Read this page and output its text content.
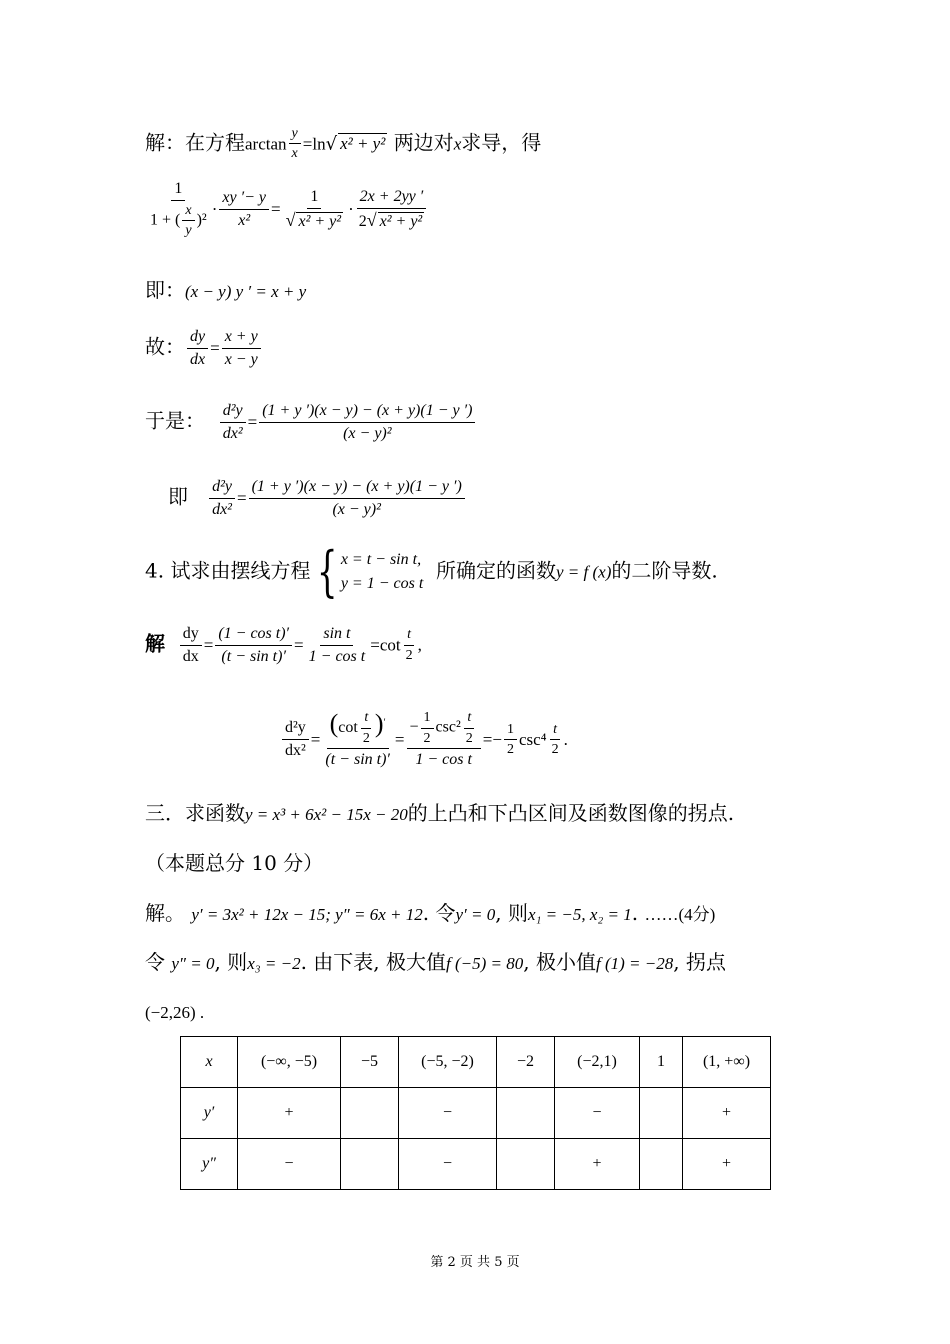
解：在方程$\arctan \frac{y}{x} =\ln√$ x² + y² 两边对x求导，得
$\frac{1}{1 + ( \frac{x}{y} )^2} \cdot \frac{xy '- y}{\text{x²}} = \frac{1}{\text{√ x² + y²}} \cdot \frac{2x + 2yy '}{\text{2√ x² + y²}}$
即：(x − y) y ′ = x + y
故： $\frac{dy}{dx} = \frac{x + y}{x - y}$
于是： $\frac{\text{d²y}}{\text{dx²}} = \frac{(1 + y ')(x - y) - (x + y)(1 - y ')}{\text{(x − y)²}}$
即 $\frac{\text{d²y}}{\text{dx²}} = \frac{(1 + y ')(x - y) - (x + y)(1 - y ')}{\text{(x − y)²}}$
4. 试求由摆线方程 { x = t − sin t,
y = 1 − cos t
所确定的函数y = f (x)的二阶导数.
解 $\frac{dy}{dx} = \frac{\text{(1 − cos t)′}}{\text{(t − sin t)′}} = \frac{\text{sin t}}{\text{1 − cos t}} =\cot \frac{t}{2}$ ,
$\frac{\text{d²y}}{\text{dx²}} = \frac{(\cot \frac{t}{2} )'}{\text{(t − sin t)′}} = \frac{- \frac{1}{2} \csc^2 \frac{t}{2}}{\text{1 − cos t}} =- \frac{1}{2} \csc^4 \frac{t}{2}$ .
三．求函数y = x³ + 6x² − 15x − 20的上凸和下凸区间及函数图像的拐点.
（本题总分 10 分）
解。 y′ = 3x² + 12x − 15; y″ = 6x + 12. 令y′ = 0, 则x₁ = −5, x₂ = 1. ……(4分)
令 y″ = 0, 则x₃ = −2. 由下表, 极大值f (−5) = 80, 极小值f (1) = −28, 拐点
(−2,26) .
x	(−∞, −5)	−5	(−5, −2)	−2	(−2,1)	1	(1, +∞)
y′	+		−		−		+
y″	−		−		+		+
第 2 页 共 5 页
